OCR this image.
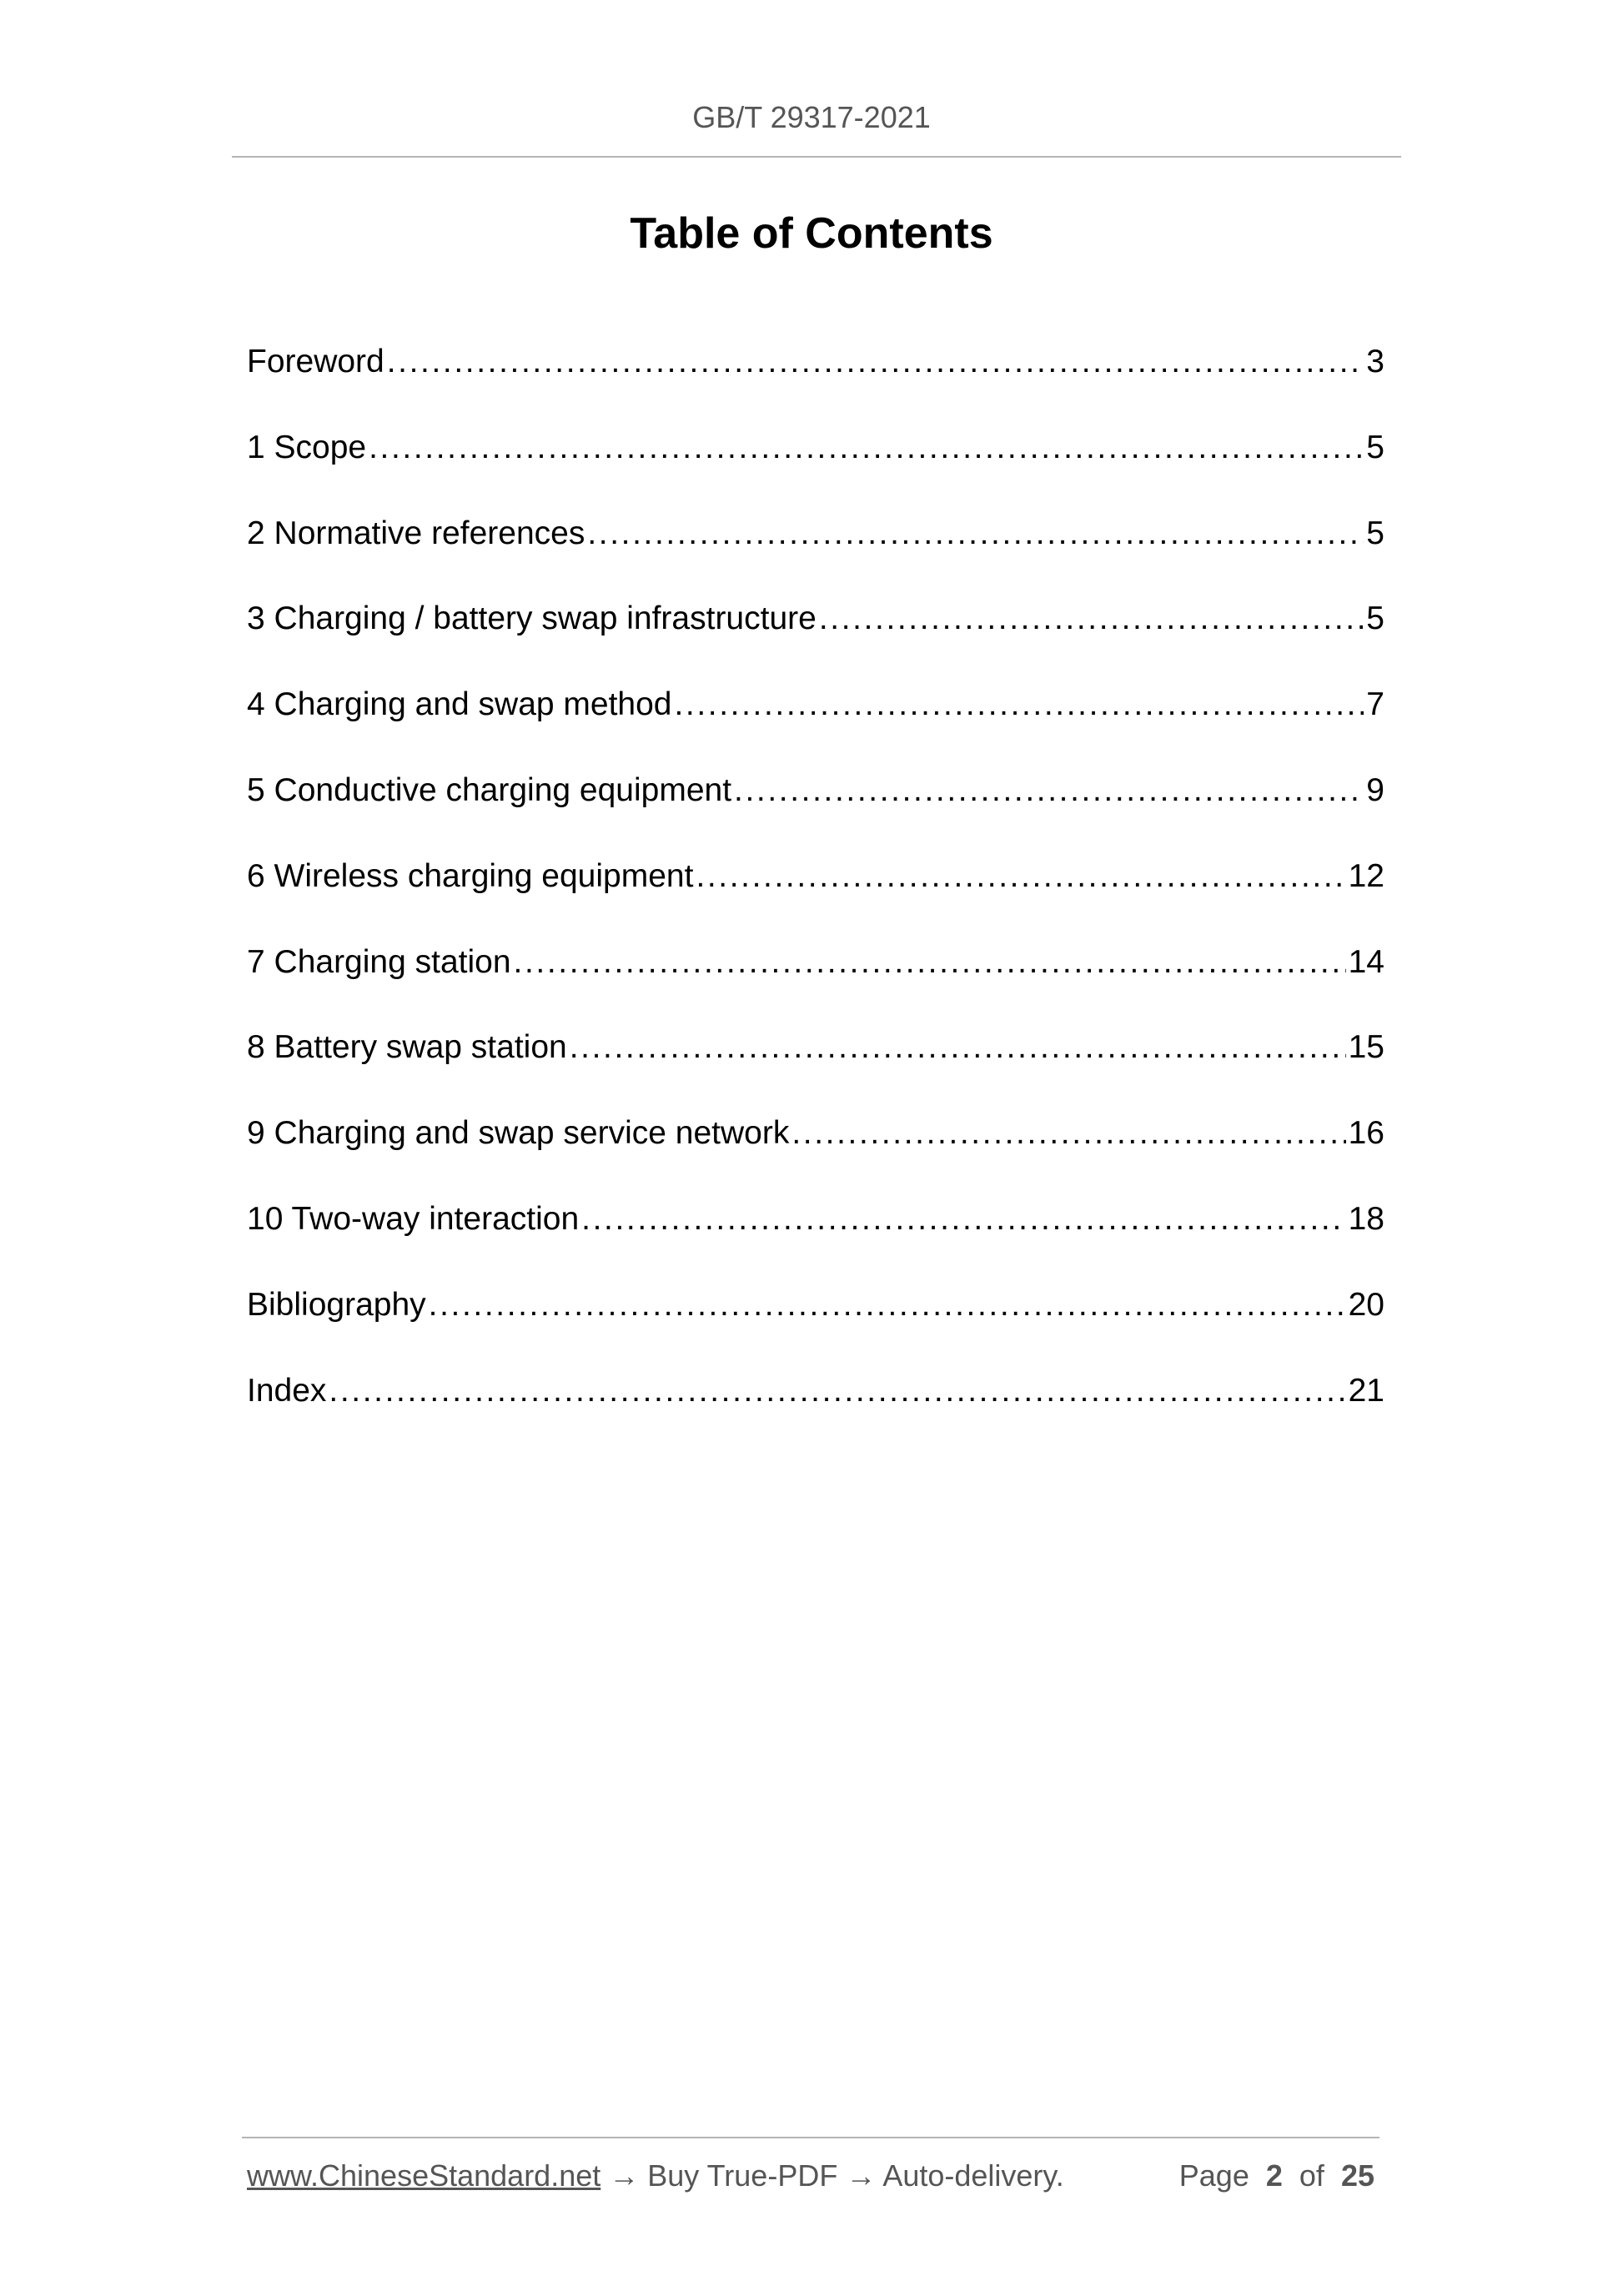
GB/T 29317-2021
Table of Contents
Foreword .....	3
1 Scope .....	5
2 Normative references .....	5
3 Charging / battery swap infrastructure .....	5
4 Charging and swap method .....	7
5 Conductive charging equipment .....	9
6 Wireless charging equipment .....	12
7 Charging station .....	14
8 Battery swap station .....	15
9 Charging and swap service network .....	16
10 Two-way interaction .....	18
Bibliography .....	20
Index .....	21
www.ChineseStandard.net → Buy True-PDF → Auto-delivery.	Page 2 of 25
